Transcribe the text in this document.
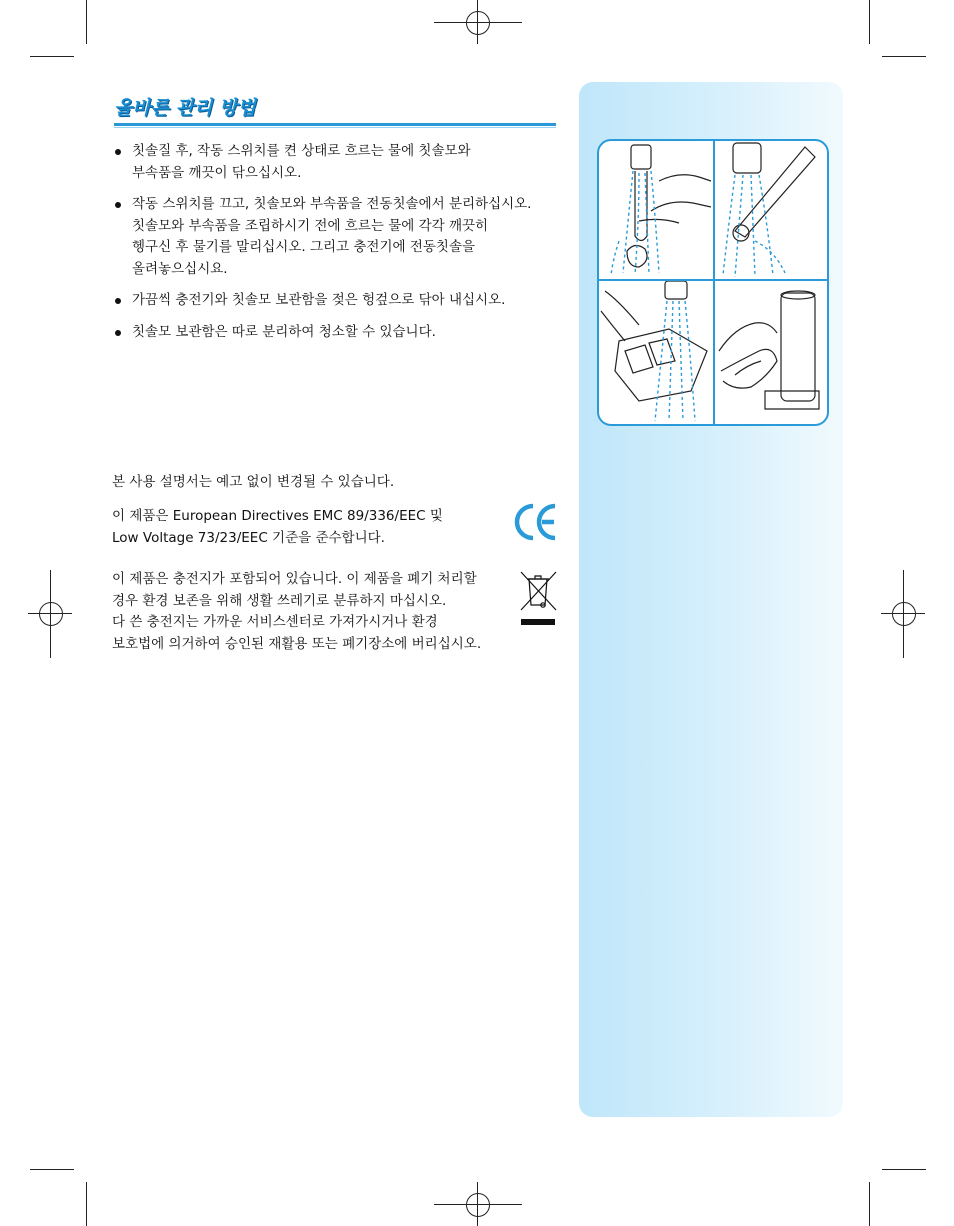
올바른 관리 방법
칫솔질 후, 작동 스위치를 켠 상태로 흐르는 물에 칫솔모와
부속품을 깨끗이 닦으십시오.
작동 스위치를 끄고, 칫솔모와 부속품을 전동칫솔에서 분리하십시오.
칫솔모와 부속품을 조립하시기 전에 흐르는 물에 각각 깨끗히
헹구신 후 물기를 말리십시오. 그리고 충전기에 전동칫솔을
올려놓으십시요.
가끔씩 충전기와 칫솔모 보관함을 젖은 헝겊으로 닦아 내십시오.
칫솔모 보관함은 따로 분리하여 청소할 수 있습니다.
본 사용 설명서는 예고 없이 변경될 수 있습니다.
이 제품은 European Directives EMC 89/336/EEC 및
Low Voltage 73/23/EEC 기준을 준수합니다.
이 제품은 충전지가 포함되어 있습니다. 이 제품을 폐기 처리할
경우 환경 보존을 위해 생활 쓰레기로 분류하지 마십시오.
다 쓴 충전지는 가까운 서비스센터로 가져가시거나 환경
보호법에 의거하여 승인된 재활용 또는 폐기장소에 버리십시오.
